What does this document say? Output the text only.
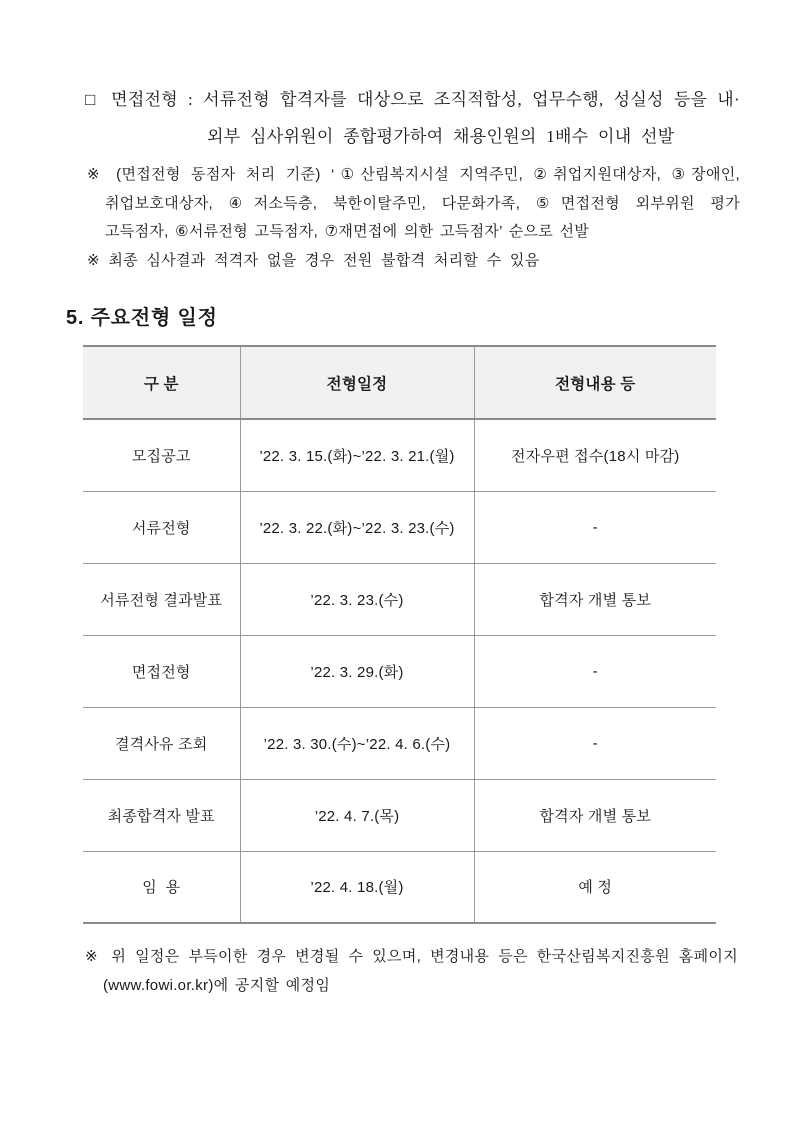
□ 면접전형 : 서류전형 합격자를 대상으로 조직적합성, 업무수행, 성실성 등을 내·
외부 심사위원이 종합평가하여 채용인원의 1배수 이내 선발
※ (면접전형 동점자 처리 기준) ‘①산림복지시설 지역주민, ②취업지원대상자, ③장애인,
취업보호대상자, ④저소득층, 북한이탈주민, 다문화가족, ⑤면접전형 외부위원 평가
고득점자, ⑥서류전형 고득점자, ⑦재면접에 의한 고득점자’ 순으로 선발
※ 최종 심사결과 적격자 없을 경우 전원 불합격 처리할 수 있음
5. 주요전형 일정
구 분	전형일정	전형내용 등
모집공고	’22. 3. 15.(화)~’22. 3. 21.(월)	전자우편 접수(18시 마감)
서류전형	’22. 3. 22.(화)~’22. 3. 23.(수)	-
서류전형 결과발표	’22. 3. 23.(수)	합격자 개별 통보
면접전형	’22. 3. 29.(화)	-
결격사유 조회	’22. 3. 30.(수)~’22. 4. 6.(수)	-
최종합격자 발표	’22. 4. 7.(목)	합격자 개별 통보
임  용	’22. 4. 18.(월)	예 정
※ 위 일정은 부득이한 경우 변경될 수 있으며, 변경내용 등은 한국산림복지진흥원 홈페이지
(www.fowi.or.kr)에 공지할 예정임
